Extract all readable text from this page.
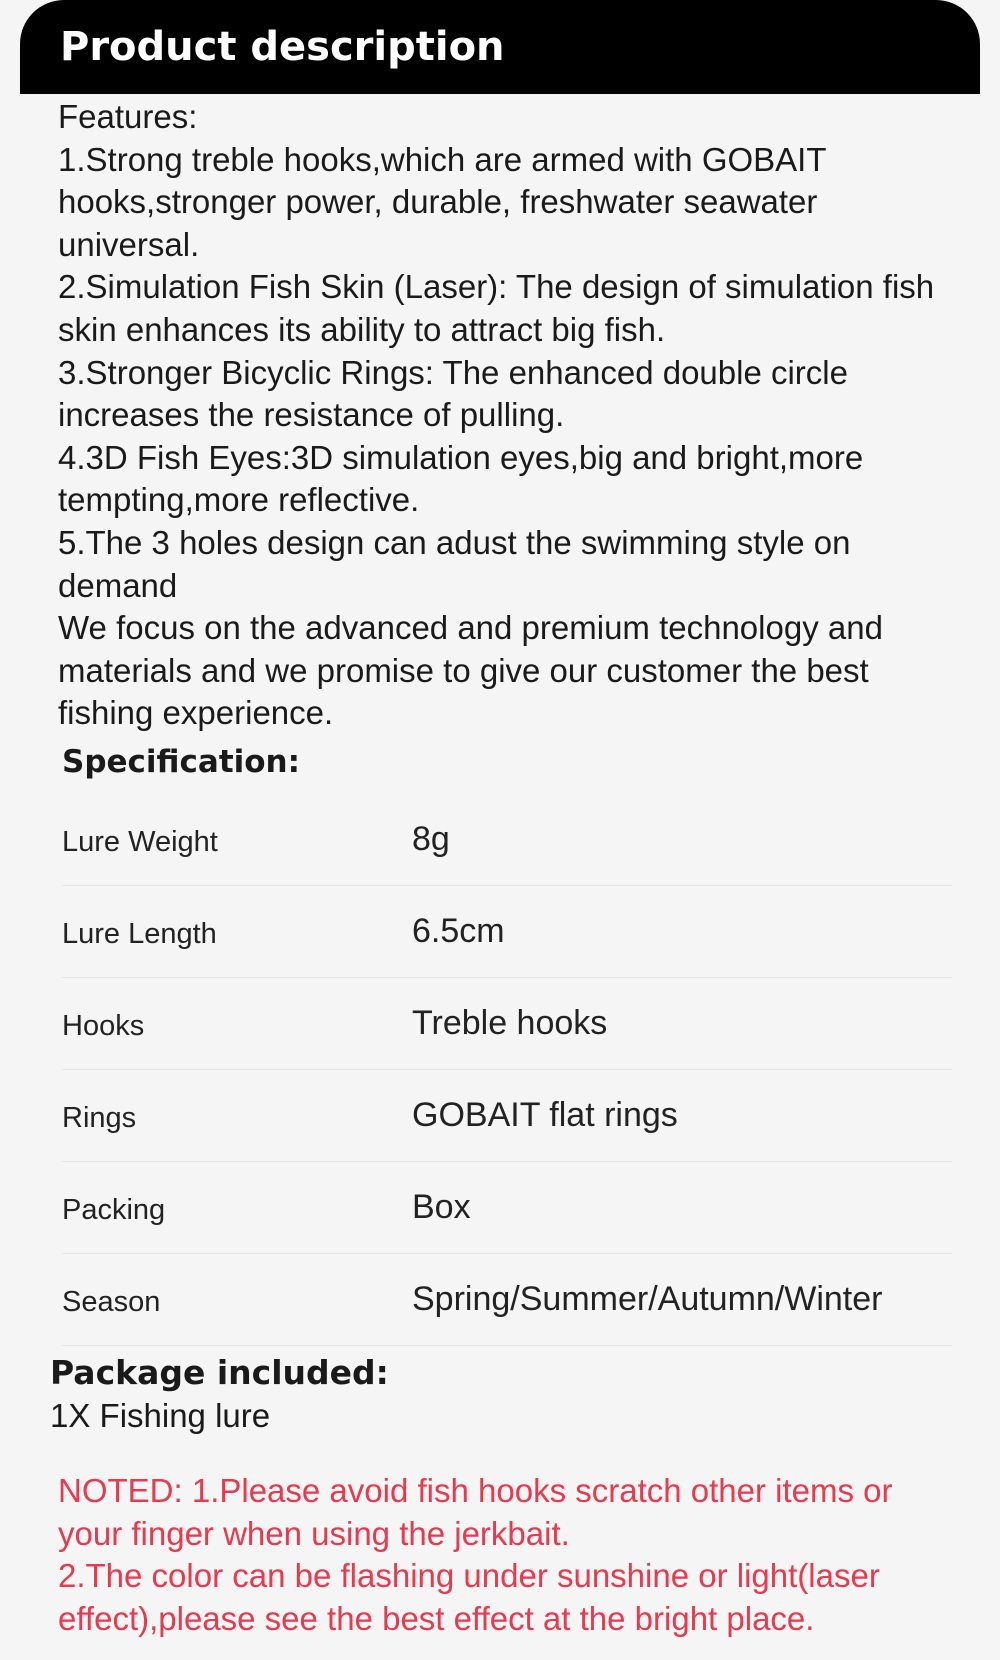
Product description
Features:
1.Strong treble hooks,which are armed with GOBAIT hooks,stronger power, durable, freshwater seawater universal.
2.Simulation Fish Skin (Laser): The design of simulation fish skin enhances its ability to attract big fish.
3.Stronger Bicyclic Rings: The enhanced double circle increases the resistance of pulling.
4.3D Fish Eyes:3D simulation eyes,big and bright,more tempting,more reflective.
5.The 3 holes design can adust the swimming style on demand
We focus on the advanced and premium technology and materials and we promise to give our customer the best fishing experience.
Specification:
Lure Weight	8g
Lure Length	6.5cm
Hooks	Treble hooks
Rings	GOBAIT flat rings
Packing	Box
Season	Spring/Summer/Autumn/Winter
Package included:

1X Fishing lure

NOTED: 1.Please avoid fish hooks scratch other items or your finger when using the jerkbait.
2.The color can be flashing under sunshine or light(laser effect),please see the best effect at the bright place.
